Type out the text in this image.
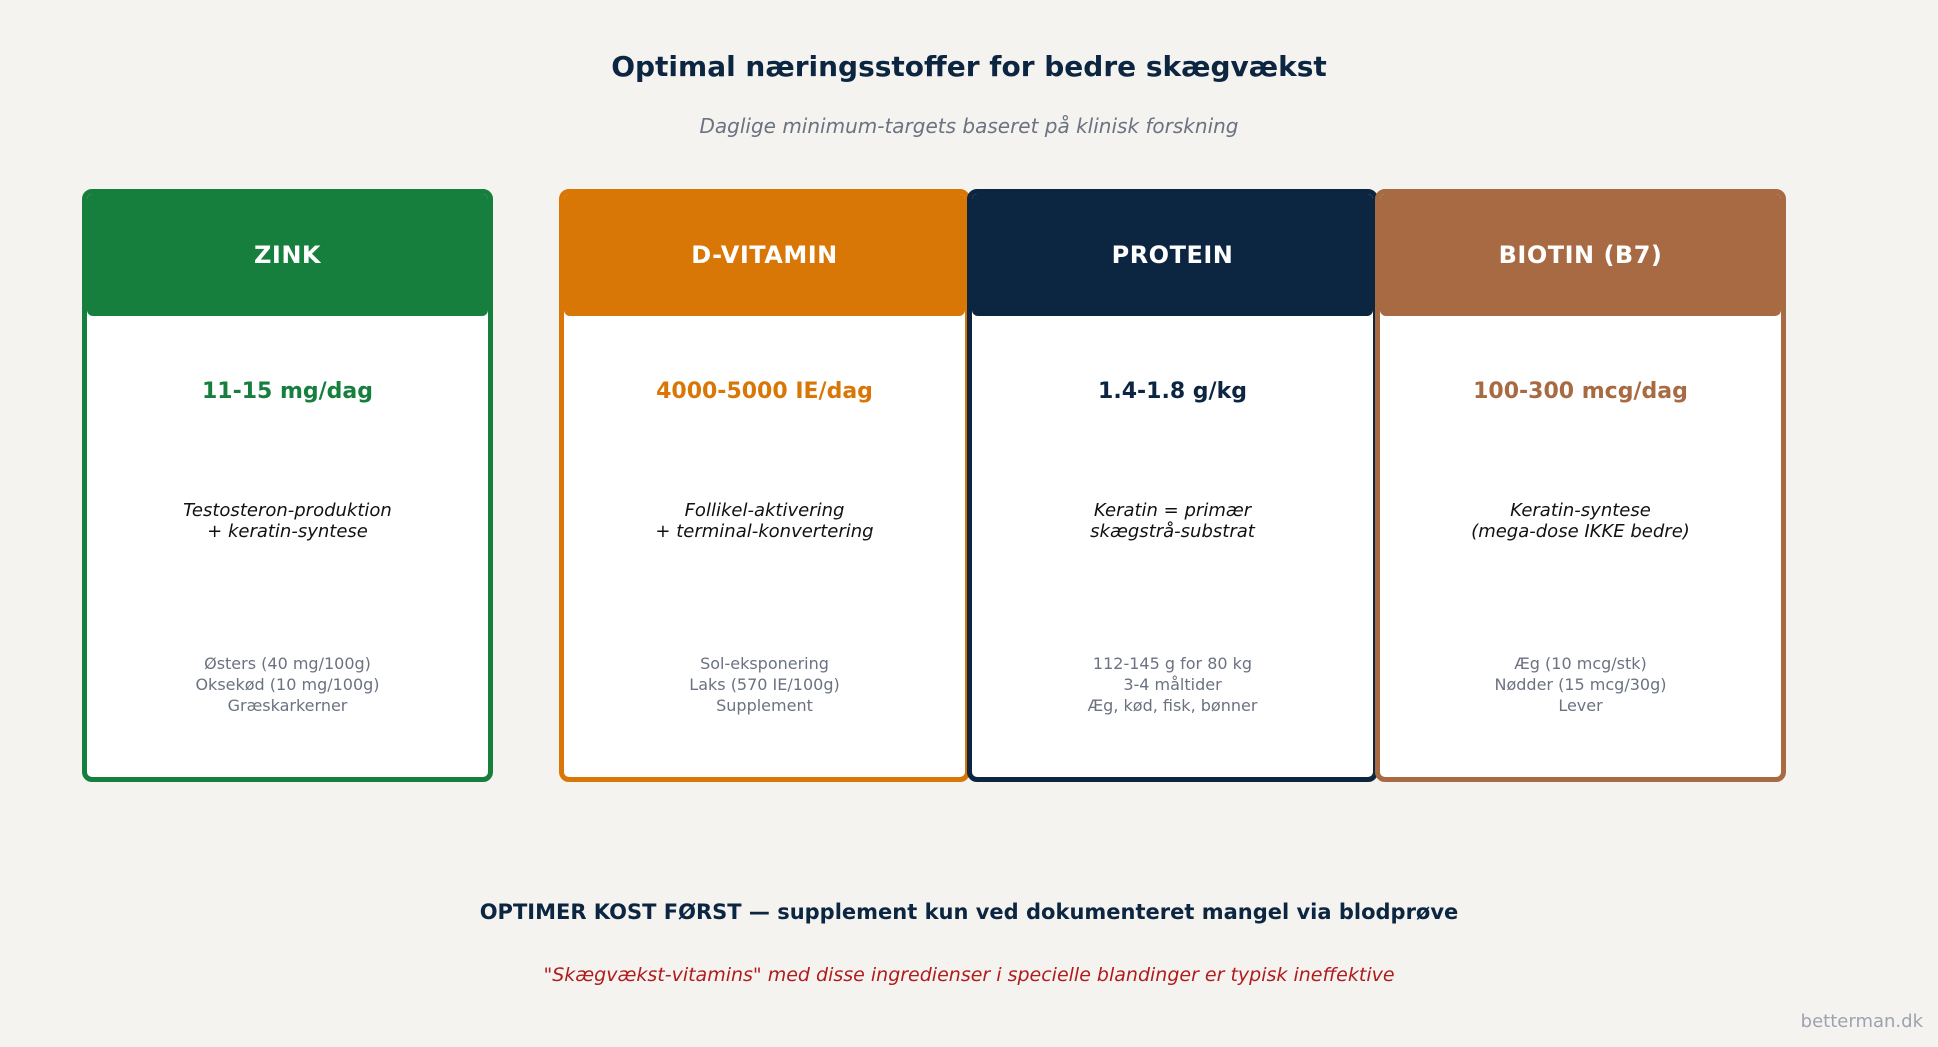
Optimal næringsstoffer for bedre skægvækst
Daglige minimum-targets baseret på klinisk forskning
ZINK
11-15 mg/dag
Testosteron-produktion
+ keratin-syntese
Østers (40 mg/100g)
Oksekød (10 mg/100g)
Græskarkerner
D-VITAMIN
4000-5000 IE/dag
Follikel-aktivering
+ terminal-konvertering
Sol-eksponering
Laks (570 IE/100g)
Supplement
PROTEIN
1.4-1.8 g/kg
Keratin = primær
skægstrå-substrat
112-145 g for 80 kg
3-4 måltider
Æg, kød, fisk, bønner
BIOTIN (B7)
100-300 mcg/dag
Keratin-syntese
(mega-dose IKKE bedre)
Æg (10 mcg/stk)
Nødder (15 mcg/30g)
Lever
OPTIMER KOST FØRST — supplement kun ved dokumenteret mangel via blodprøve
"Skægvækst-vitamins" med disse ingredienser i specielle blandinger er typisk ineffektive
betterman.dk
